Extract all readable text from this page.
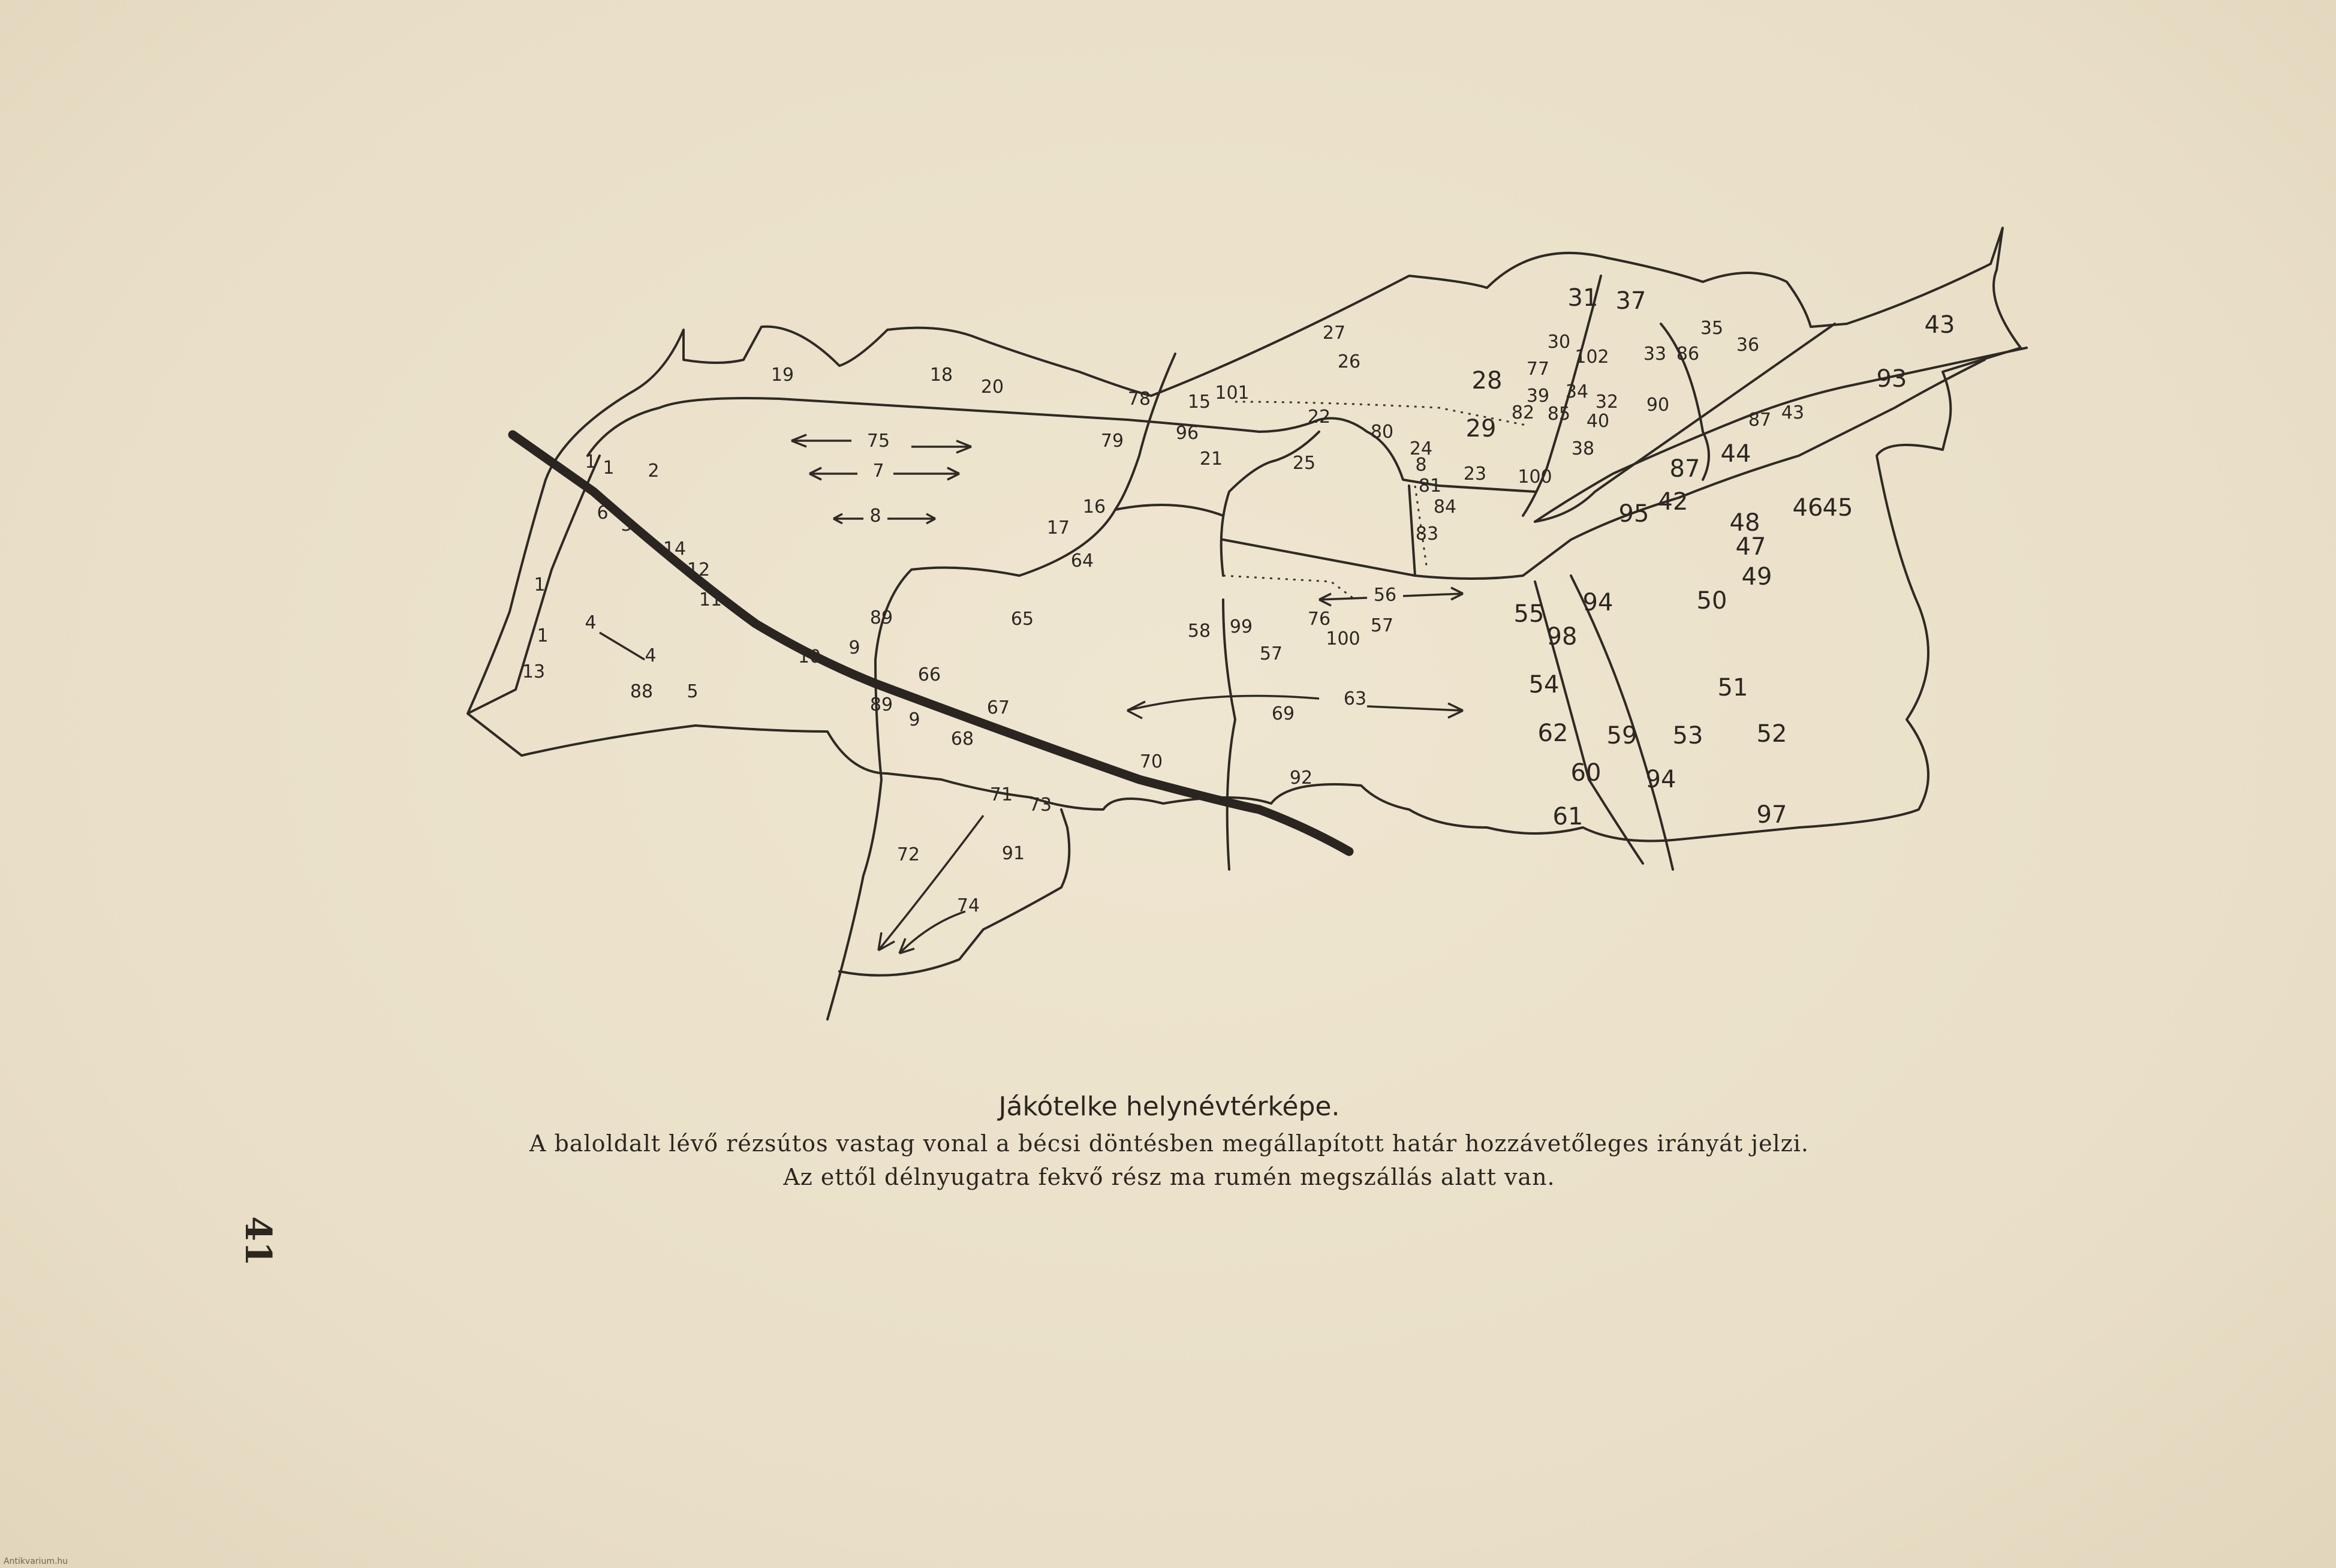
1 1 2
6
3
14
12
11
1
1
13
4
4
88 5
10 9
89
66
89
9
68
67
70
19	18
20
75
7
8
79
78 15 101
96
21
16
17
64
65
58 99
57
76
100
57
56
63
69
92
71 73
72	91
74
27
26
22
80
24
8
25
81
84
83
23
28
29
31 37
30
102
77
34
39	32
82 85 40
38
100
33 86
35
36
90
87 43
44
43
93
87
42
95	46 45
48
47
49
50
55 94
98
54	51
62 59 53 52
60 94
61	97
Jákótelke helynévtérképe.
A baloldalt lévő rézsútos vastag vonal a bécsi döntésben megállapított határ hozzávetőleges irányát jelzi.
Az ettől délnyugatra fekvő rész ma rumén megszállás alatt van.
41
Antikvarium.hu
